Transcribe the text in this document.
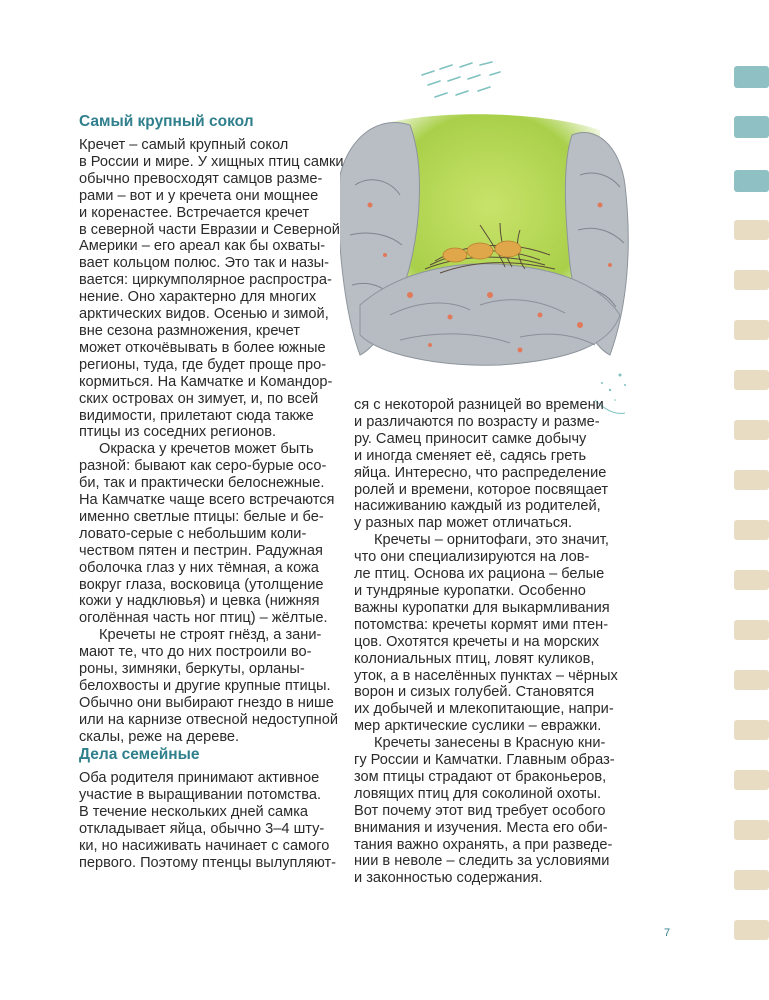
Самый крупный сокол

Кречет – самый крупный сокол
в России и мире. У хищных птиц самки
обычно превосходят самцов разме-
рами – вот и у кречета они мощнее
и коренастее. Встречается кречет
в северной части Евразии и Северной
Америки – его ареал как бы охваты-
вает кольцом полюс. Это так и назы-
вается: циркумполярное распростра-
нение. Оно характерно для многих
арктических видов. Осенью и зимой,
вне сезона размножения, кречет
может откочёвывать в более южные
регионы, туда, где будет проще про-
кормиться. На Камчатке и Командор-
ских островах он зимует, и, по всей
видимости, прилетают сюда также
птицы из соседних регионов.

Окраска у кречетов может быть
разной: бывают как серо-бурые осо-
би, так и практически белоснежные.
На Камчатке чаще всего встречаются
именно светлые птицы: белые и бе-
ловато-серые с небольшим коли-
чеством пятен и пестрин. Радужная
оболочка глаз у них тёмная, а кожа
вокруг глаза, восковица (утолщение
кожи у надклювья) и цевка (нижняя
оголённая часть ног птиц) – жёлтые.

Кречеты не строят гнёзд, а зани-
мают те, что до них построили во-
роны, зимняки, беркуты, орланы-
белохвосты и другие крупные птицы.
Обычно они выбирают гнездо в нише
или на карнизе отвесной недоступной
скалы, реже на дереве.

Дела семейные

Оба родителя принимают активное
участие в выращивании потомства.
В течение нескольких дней самка
откладывает яйца, обычно 3–4 шту-
ки, но насиживать начинает с самого
первого. Поэтому птенцы вылупляют-

ся с некоторой разницей во времени
и различаются по возрасту и разме-
ру. Самец приносит самке добычу
и иногда сменяет её, садясь греть
яйца. Интересно, что распределение
ролей и времени, которое посвящает
насиживанию каждый из родителей,
у разных пар может отличаться.

Кречеты – орнитофаги, это значит,
что они специализируются на лов-
ле птиц. Основа их рациона – белые
и тундряные куропатки. Особенно
важны куропатки для выкармливания
потомства: кречеты кормят ими птен-
цов. Охотятся кречеты и на морских
колониальных птиц, ловят куликов,
уток, а в населённых пунктах – чёрных
ворон и сизых голубей. Становятся
их добычей и млекопитающие, напри-
мер арктические суслики – евражки.

Кречеты занесены в Красную кни-
гу России и Камчатки. Главным образ-
зом птицы страдают от браконьеров,
ловящих птиц для соколиной охоты.
Вот почему этот вид требует особого
внимания и изучения. Места его оби-
тания важно охранять, а при разведе-
нии в неволе – следить за условиями
и законностью содержания.

7
